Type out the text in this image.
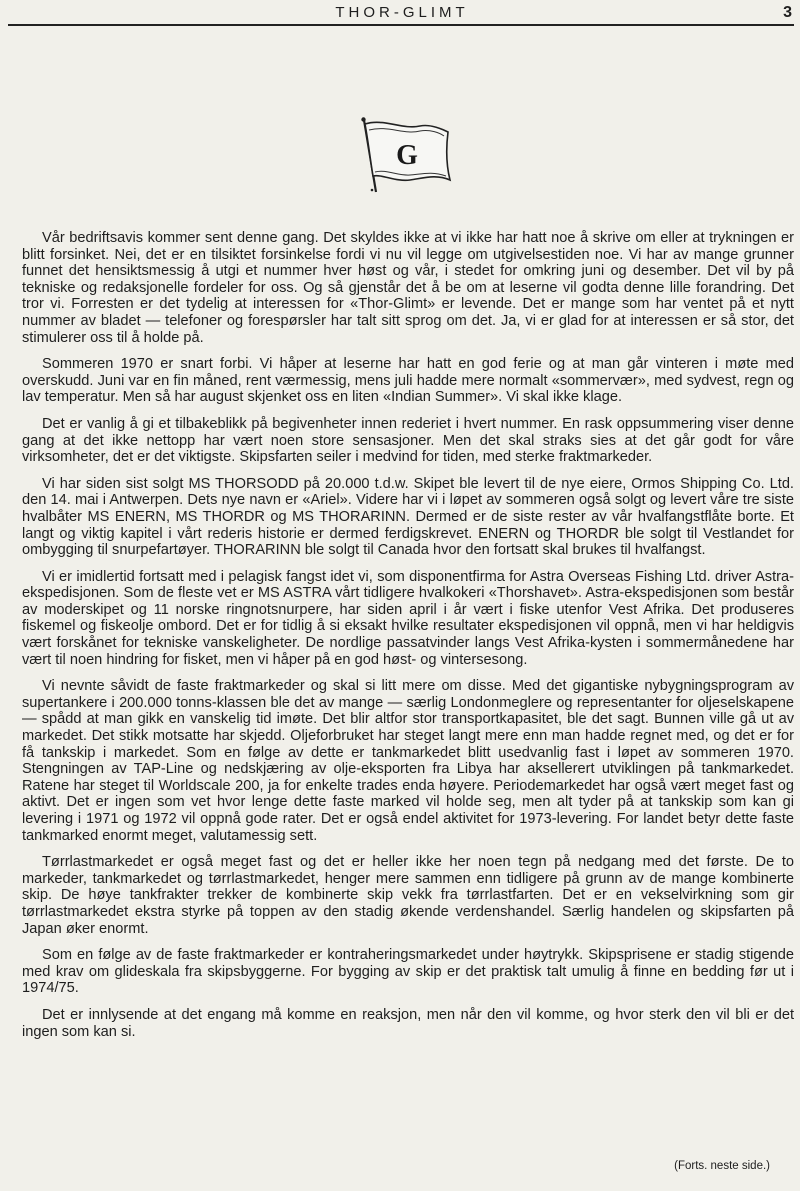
THOR-GLIMT	3
G

Vår bedriftsavis kommer sent denne gang. Det skyldes ikke at vi ikke har hatt noe å skrive om eller at trykningen er blitt forsinket. Nei, det er en tilsiktet forsinkelse fordi vi nu vil legge om utgivelsestiden noe. Vi har av mange grunner funnet det hensiktsmessig å utgi et nummer hver høst og vår, i stedet for omkring juni og desember. Det vil by på tekniske og redaksjonelle fordeler for oss. Og så gjenstår det å be om at leserne vil godta denne lille forandring. Det tror vi. Forresten er det tydelig at interessen for «Thor-Glimt» er levende. Det er mange som har ventet på et nytt nummer av bladet — telefoner og forespørsler har talt sitt sprog om det. Ja, vi er glad for at interessen er så stor, det stimulerer oss til å holde på.

Sommeren 1970 er snart forbi. Vi håper at leserne har hatt en god ferie og at man går vinteren i møte med overskudd. Juni var en fin måned, rent værmessig, mens juli hadde mere normalt «sommervær», med sydvest, regn og lav temperatur. Men så har august skjenket oss en liten «Indian Summer». Vi skal ikke klage.

Det er vanlig å gi et tilbakeblikk på begivenheter innen rederiet i hvert nummer. En rask oppsummering viser denne gang at det ikke nettopp har vært noen store sensasjoner. Men det skal straks sies at det går godt for våre virksomheter, det er det viktigste. Skipsfarten seiler i medvind for tiden, med sterke fraktmarkeder.

Vi har siden sist solgt MS THORSODD på 20.000 t.d.w. Skipet ble levert til de nye eiere, Ormos Shipping Co. Ltd. den 14. mai i Antwerpen. Dets nye navn er «Ariel». Videre har vi i løpet av sommeren også solgt og levert våre tre siste hvalbåter MS ENERN, MS THORDR og MS THORARINN. Dermed er de siste rester av vår hvalfangstflåte borte. Et langt og viktig kapitel i vårt rederis historie er dermed ferdigskrevet. ENERN og THORDR ble solgt til Vestlandet for ombygging til snurpefartøyer. THORARINN ble solgt til Canada hvor den fortsatt skal brukes til hvalfangst.

Vi er imidlertid fortsatt med i pelagisk fangst idet vi, som disponentfirma for Astra Overseas Fishing Ltd. driver Astra-ekspedisjonen. Som de fleste vet er MS ASTRA vårt tidligere hvalkokeri «Thorshavet». Astra-ekspedisjonen som består av moderskipet og 11 norske ringnotsnurpere, har siden april i år vært i fiske utenfor Vest Afrika. Det produseres fiskemel og fiskeolje ombord. Det er for tidlig å si eksakt hvilke resultater ekspedisjonen vil oppnå, men vi har heldigvis vært forskånet for tekniske vanskeligheter. De nordlige passatvinder langs Vest Afrika-kysten i sommermånedene har vært til noen hindring for fisket, men vi håper på en god høst- og vintersesong.

Vi nevnte såvidt de faste fraktmarkeder og skal si litt mere om disse. Med det gigantiske nybygningsprogram av supertankere i 200.000 tonns-klassen ble det av mange — særlig Londonmeglere og representanter for oljeselskapene — spådd at man gikk en vanskelig tid imøte. Det blir altfor stor transportkapasitet, ble det sagt. Bunnen ville gå ut av markedet. Det stikk motsatte har skjedd. Oljeforbruket har steget langt mere enn man hadde regnet med, og det er for få tankskip i markedet. Som en følge av dette er tankmarkedet blitt usedvanlig fast i løpet av sommeren 1970. Stengningen av TAP-Line og nedskjæring av olje-eksporten fra Libya har aksellerert utviklingen på tankmarkedet. Ratene har steget til Worldscale 200, ja for enkelte trades enda høyere. Periodemarkedet har også vært meget fast og aktivt. Det er ingen som vet hvor lenge dette faste marked vil holde seg, men alt tyder på at tankskip som kan gi levering i 1971 og 1972 vil oppnå gode rater. Det er også endel aktivitet for 1973-levering. For landet betyr dette faste tankmarked enormt meget, valutamessig sett.

Tørrlastmarkedet er også meget fast og det er heller ikke her noen tegn på nedgang med det første. De to markeder, tankmarkedet og tørrlastmarkedet, henger mere sammen enn tidligere på grunn av de mange kombinerte skip. De høye tankfrakter trekker de kombinerte skip vekk fra tørrlastfarten. Det er en vekselvirkning som gir tørrlastmarkedet ekstra styrke på toppen av den stadig økende verdenshandel. Særlig handelen og skipsfarten på Japan øker enormt.

Som en følge av de faste fraktmarkeder er kontraheringsmarkedet under høytrykk. Skipsprisene er stadig stigende med krav om glideskala fra skipsbyggerne. For bygging av skip er det praktisk talt umulig å finne en bedding før ut i 1974/75.

Det er innlysende at det engang må komme en reaksjon, men når den vil komme, og hvor sterk den vil bli er det ingen som kan si.

(Forts. neste side.)
